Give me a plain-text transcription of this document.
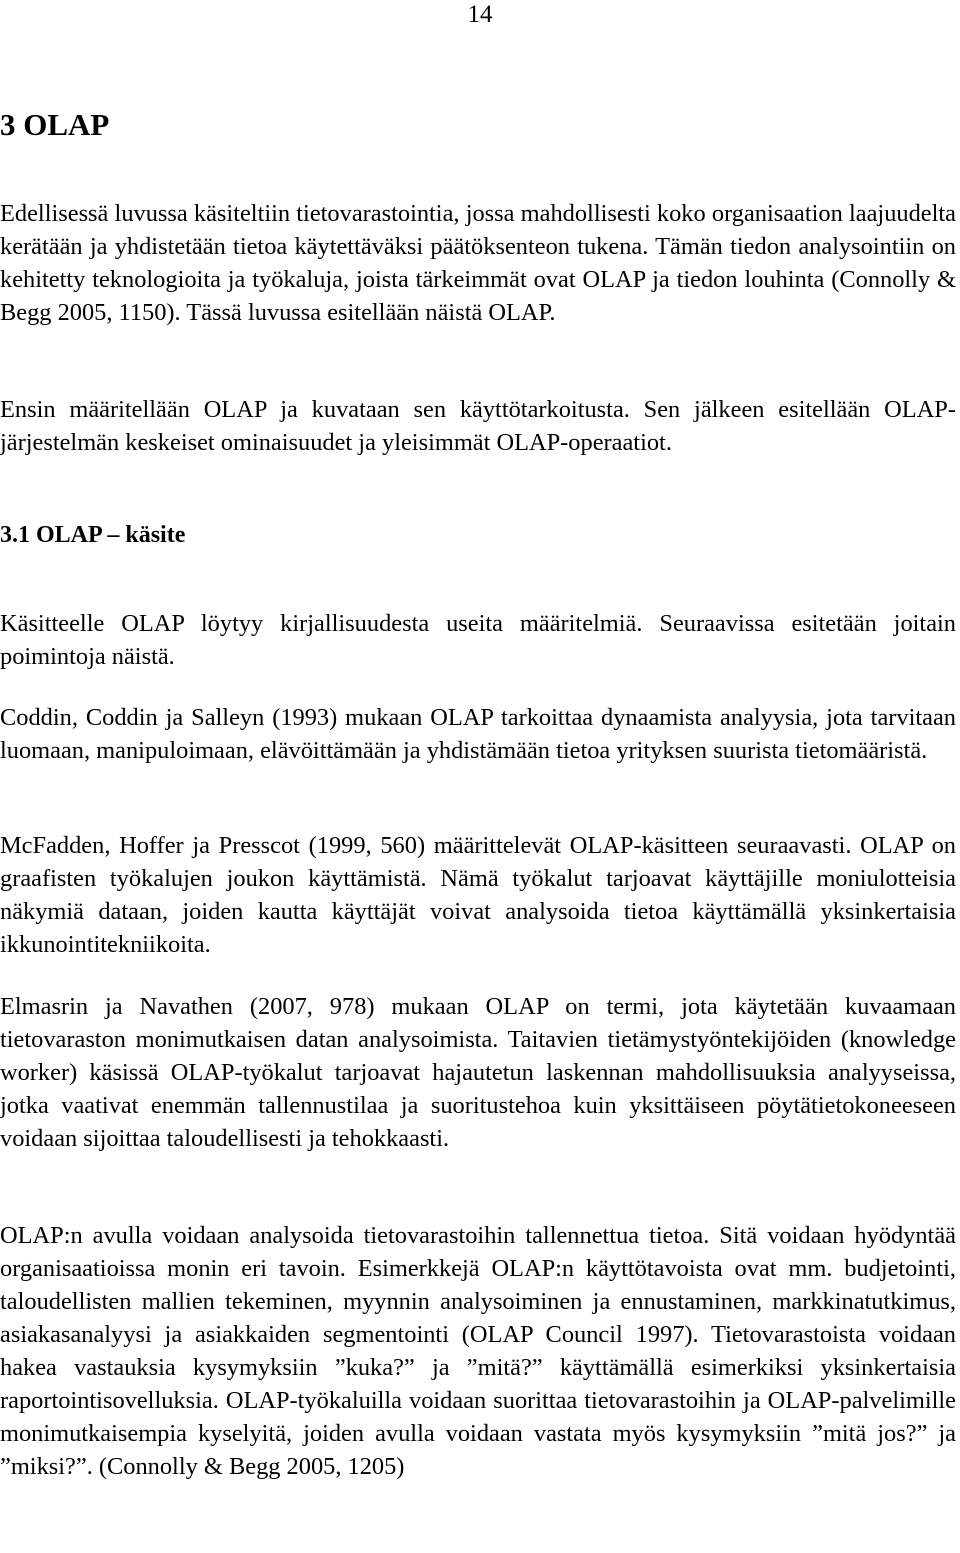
14
3 OLAP

Edellisessä luvussa käsiteltiin tietovarastointia, jossa mahdollisesti koko organisaation laajuudelta kerätään ja yhdistetään tietoa käytettäväksi päätöksenteon tukena. Tämän tiedon analysointiin on kehitetty teknologioita ja työkaluja, joista tärkeimmät ovat OLAP ja tiedon louhinta (Connolly & Begg 2005, 1150). Tässä luvussa esitellään näistä OLAP.

Ensin määritellään OLAP ja kuvataan sen käyttötarkoitusta. Sen jälkeen esitellään OLAP-järjestelmän keskeiset ominaisuudet ja yleisimmät OLAP-operaatiot.

3.1 OLAP – käsite

Käsitteelle OLAP löytyy kirjallisuudesta useita määritelmiä. Seuraavissa esitetään joitain poimintoja näistä.

Coddin, Coddin ja Salleyn (1993) mukaan OLAP tarkoittaa dynaamista analyysia, jota tarvitaan luomaan, manipuloimaan, elävöittämään ja yhdistämään tietoa yrityksen suurista tietomääristä.

McFadden, Hoffer ja Presscot (1999, 560) määrittelevät OLAP-käsitteen seuraavasti. OLAP on graafisten työkalujen joukon käyttämistä. Nämä työkalut tarjoavat käyttäjille moniulotteisia näkymiä dataan, joiden kautta käyttäjät voivat analysoida tietoa käyttämällä yksinkertaisia ikkunointitekniikoita.

Elmasrin ja Navathen (2007, 978) mukaan OLAP on termi, jota käytetään kuvaamaan tietovaraston monimutkaisen datan analysoimista. Taitavien tietämystyöntekijöiden (knowledge worker) käsissä OLAP-työkalut tarjoavat hajautetun laskennan mahdollisuuksia analyyseissa, jotka vaativat enemmän tallennustilaa ja suoritustehoa kuin yksittäiseen pöytätietokoneeseen voidaan sijoittaa taloudellisesti ja tehokkaasti.

OLAP:n avulla voidaan analysoida tietovarastoihin tallennettua tietoa. Sitä voidaan hyödyntää organisaatioissa monin eri tavoin. Esimerkkejä OLAP:n käyttötavoista ovat mm. budjetointi, taloudellisten mallien tekeminen, myynnin analysoiminen ja ennustaminen, markkinatutkimus, asiakasanalyysi ja asiakkaiden segmentointi (OLAP Council 1997). Tietovarastoista voidaan hakea vastauksia kysymyksiin ”kuka?” ja ”mitä?” käyttämällä esimerkiksi yksinkertaisia raportointisovelluksia. OLAP-työkaluilla voidaan suorittaa tietovarastoihin ja OLAP-palvelimille monimutkaisempia kyselyitä, joiden avulla voidaan vastata myös kysymyksiin ”mitä jos?” ja ”miksi?”. (Connolly & Begg 2005, 1205)
